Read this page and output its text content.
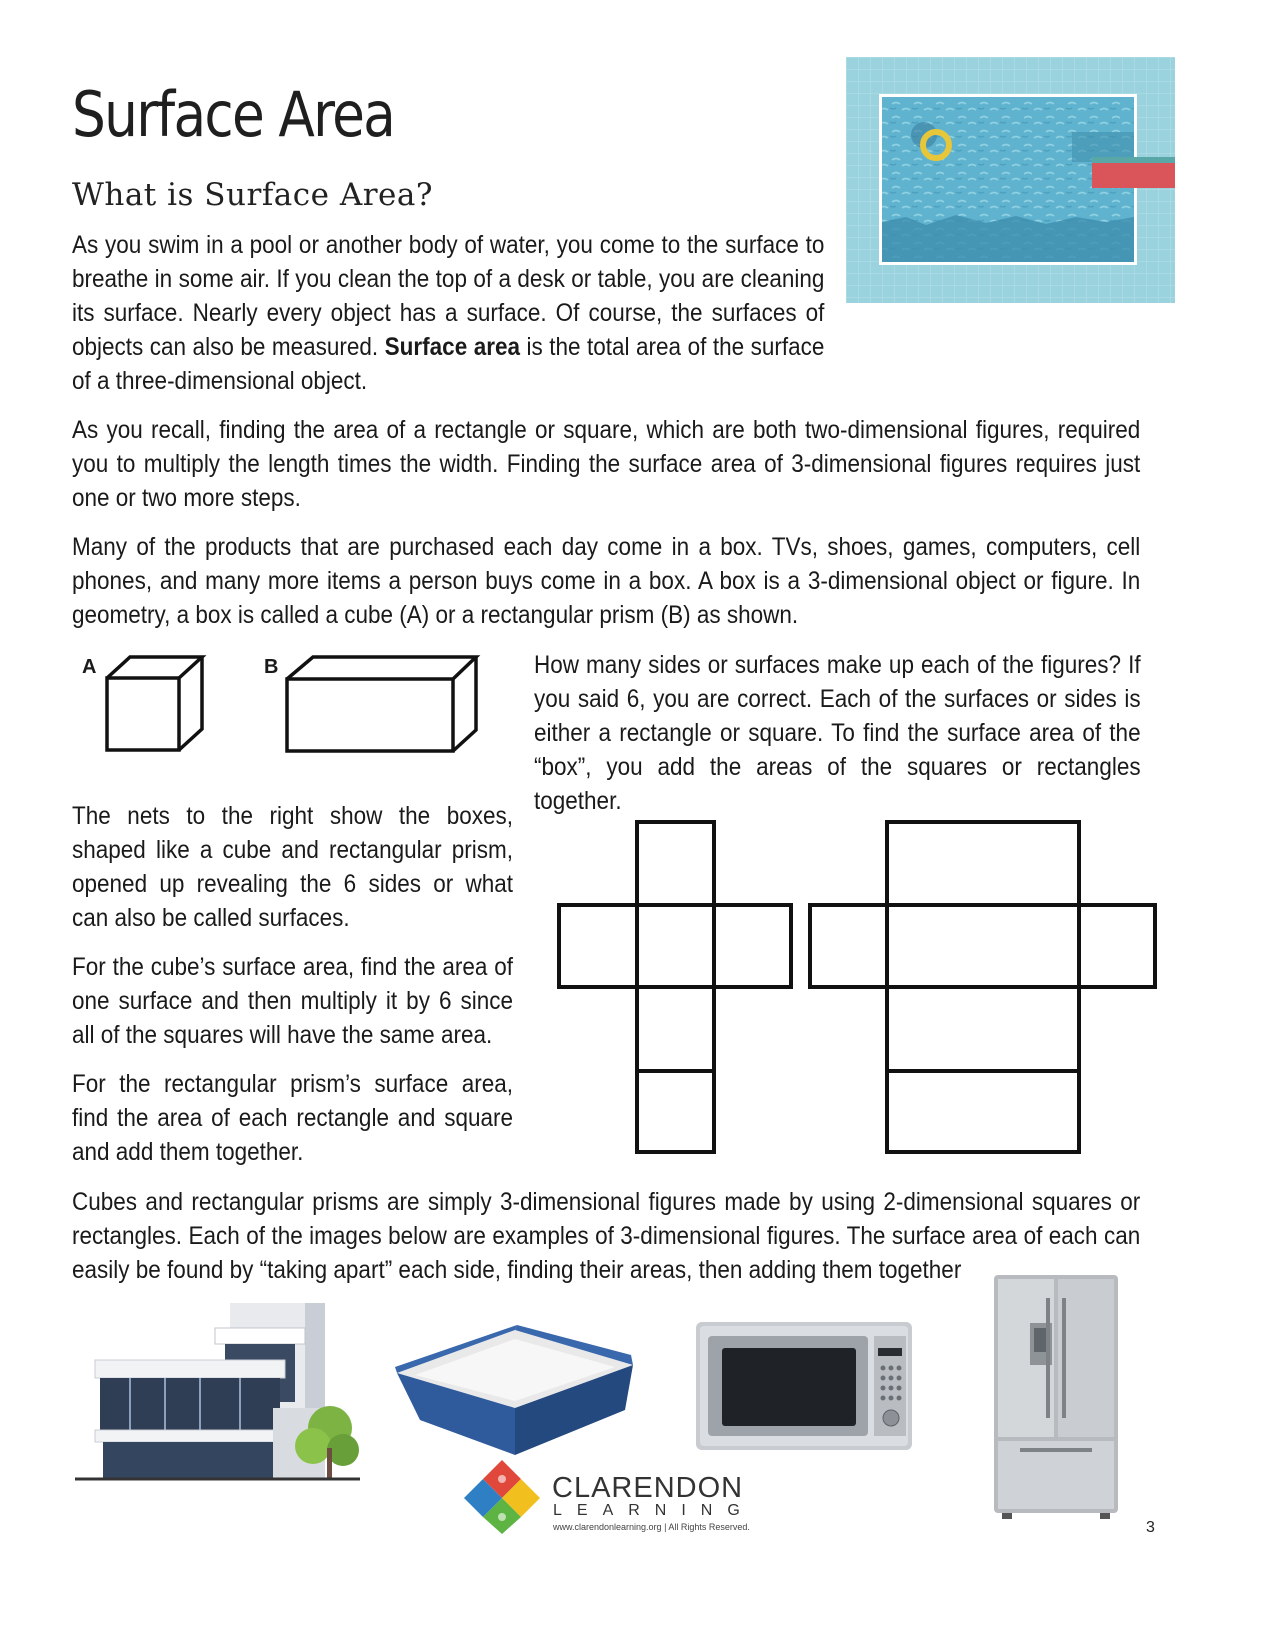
Surface Area
What is Surface Area?

As you swim in a pool or another body of water, you come to the surface to breathe in some air. If you clean the top of a desk or table, you are cleaning its surface. Nearly every object has a surface. Of course, the surfaces of objects can also be measured. Surface area is the total area of the surface of a three-dimensional object.

As you recall, finding the area of a rectangle or square, which are both two-dimensional figures, required you to multiply the length times the width. Finding the surface area of 3-dimensional figures requires just one or two more steps.

Many of the products that are purchased each day come in a box. TVs, shoes, games, computers, cell phones, and many more items a person buys come in a box. A box is a 3-dimensional object or figure. In geometry, a box is called a cube (A) or a rectangular prism (B) as shown.

A	B	How many sides or surfaces make up each of the figures? If you said 6, you are correct. Each of the surfaces or sides is either a rectangle or square. To find the surface area of the “box”, you add the areas of the squares or rectangles together.

The nets to the right show the boxes, shaped like a cube and rectangular prism, opened up revealing the 6 sides or what can also be called surfaces.

For the cube’s surface area, find the area of one surface and then multiply it by 6 since all of the squares will have the same area.

For the rectangular prism’s surface area, find the area of each rectangle and square and add them together.

Cubes and rectangular prisms are simply 3-dimensional figures made by using 2-dimensional squares or rectangles. Each of the images below are examples of 3-dimensional figures. The surface area of each can easily be found by “taking apart” each side, finding their areas, then adding them together

CLARENDON
LEARNING
www.clarendonlearning.org | All Rights Reserved.	3
